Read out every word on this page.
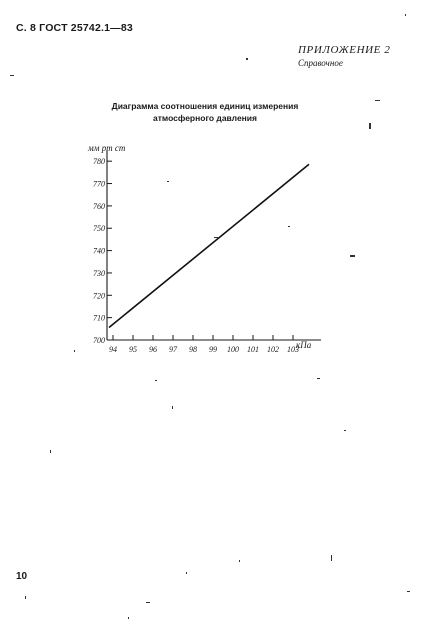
С. 8 ГОСТ 25742.1—83
ПРИЛОЖЕНИЕ 2
Справочное
Диаграмма соотношения единиц измерения
атмосферного давления
700
710
720
730
740
750
760
770
780
94 95 96 97 98 99 100 101 102 103
мм рт ст
кПа
10
